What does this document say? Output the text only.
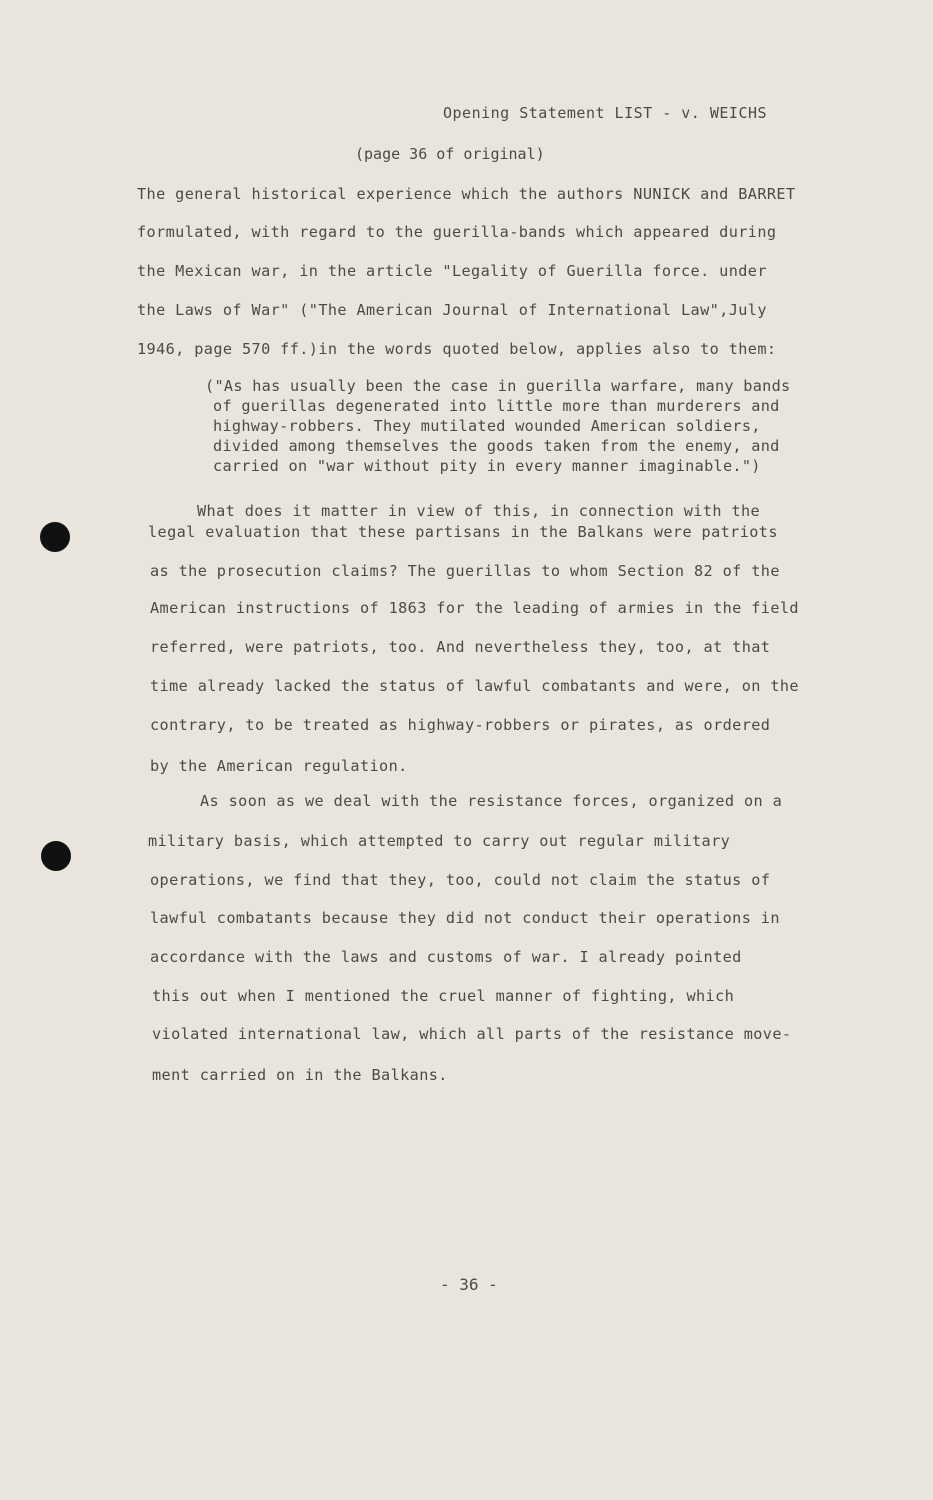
Opening Statement LIST - v. WEICHS
(page 36 of original)
The general historical experience which the authors NUNICK and BARRET
formulated, with regard to the guerilla-bands which appeared during
the Mexican war, in the article "Legality of Guerilla force. under
the Laws of War" ("The American Journal of International Law",July
1946, page 570 ff.)in the words quoted below, applies also to them:
("As has usually been the case in guerilla warfare, many bands
of guerillas degenerated into little more than murderers and
highway-robbers. They mutilated wounded American soldiers,
divided among themselves the goods taken from the enemy, and
carried on "war without pity in every manner imaginable.")
What does it matter in view of this, in connection with the
legal evaluation that these partisans in the Balkans were patriots
as the prosecution claims? The guerillas to whom Section 82 of the
American instructions of 1863 for the leading of armies in the field
referred, were patriots, too. And nevertheless they, too, at that
time already lacked the status of lawful combatants and were, on the
contrary, to be treated as highway-robbers or pirates, as ordered
by the American regulation.
As soon as we deal with the resistance forces, organized on a
military basis, which attempted to carry out regular military
operations, we find that they, too, could not claim the status of
lawful combatants because they did not conduct their operations in
accordance with the laws and customs of war. I already pointed
this out when I mentioned the cruel manner of fighting, which
violated international law, which all parts of the resistance move-
ment carried on in the Balkans.
- 36 -
